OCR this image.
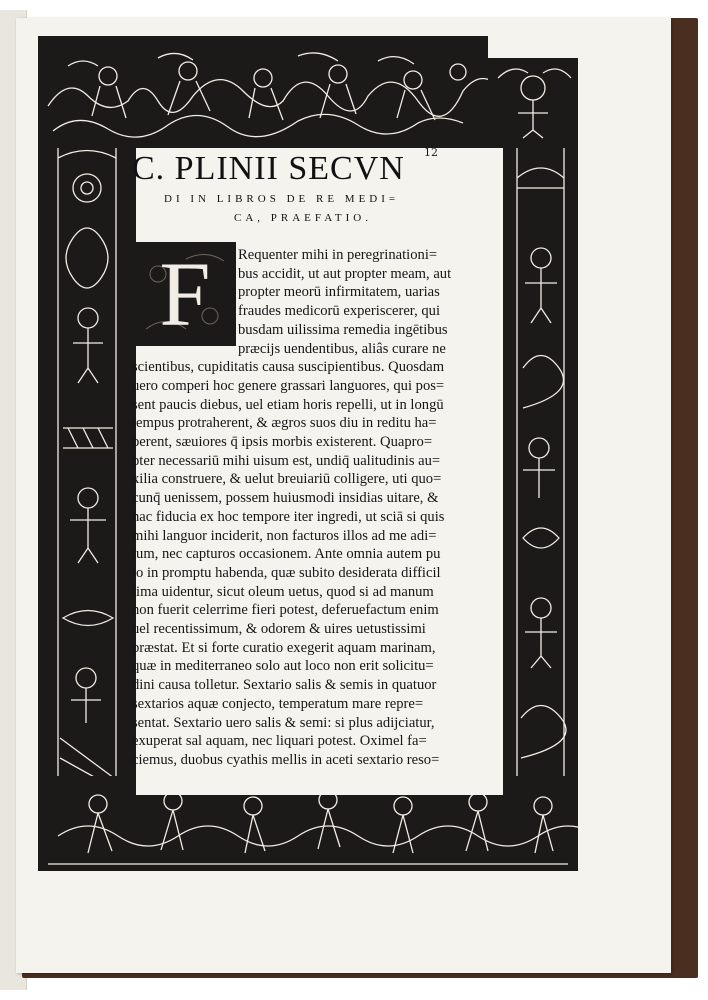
12
C. PLINII SECVN
DI IN LIBROS DE RE MEDI=
CA, PRAEFATIO.
F	Requenter mihi in peregrinationi=
bus accidit, ut aut propter meam, aut
propter meorū infirmitatem, uarias
fraudes medicorū experiscerer, qui
busdam uilissima remedia ingētibus
præcijs uendentibus, aliâs curare ne
scientibus, cupiditatis causa suscipientibus. Quosdam
uero comperi hoc genere grassari languores, qui pos=
sent paucis diebus, uel etiam horis repelli, ut in longū
tempus protraherent, & ægros suos diu in reditu ha=
berent, sæuiores q̄ ipsis morbis existerent. Quapro=
pter necessariū mihi uisum est, undiq̄ ualitudinis au=
xilia construere, & uelut breuiariū colligere, uti quo=
cunq̄ uenissem, possem huiusmodi insidias uitare, &
hac fiducia ex hoc tempore iter ingredi, ut sciā si quis
mihi languor inciderit, non facturos illos ad me adi=
tum, nec capturos occasionem. Ante omnia autem pu
to in promptu habenda, quæ subito desiderata difficil
lima uidentur, sicut oleum uetus, quod si ad manum
non fuerit celerrime fieri potest, deferuefactum enim
uel recentissimum, & odorem & uires uetustissimi
præstat. Et si forte curatio exegerit aquam marinam,
quæ in mediterraneo solo aut loco non erit solicitu=
dini causa tolletur. Sextario salis & semis in quatuor
sextarios aquæ conjecto, temperatum mare repre=
sentat. Sextario uero salis & semi: si plus adijciatur,
exuperat sal aquam, nec liquari potest. Oximel fa=
ciemus, duobus cyathis mellis in aceti sextario reso=
